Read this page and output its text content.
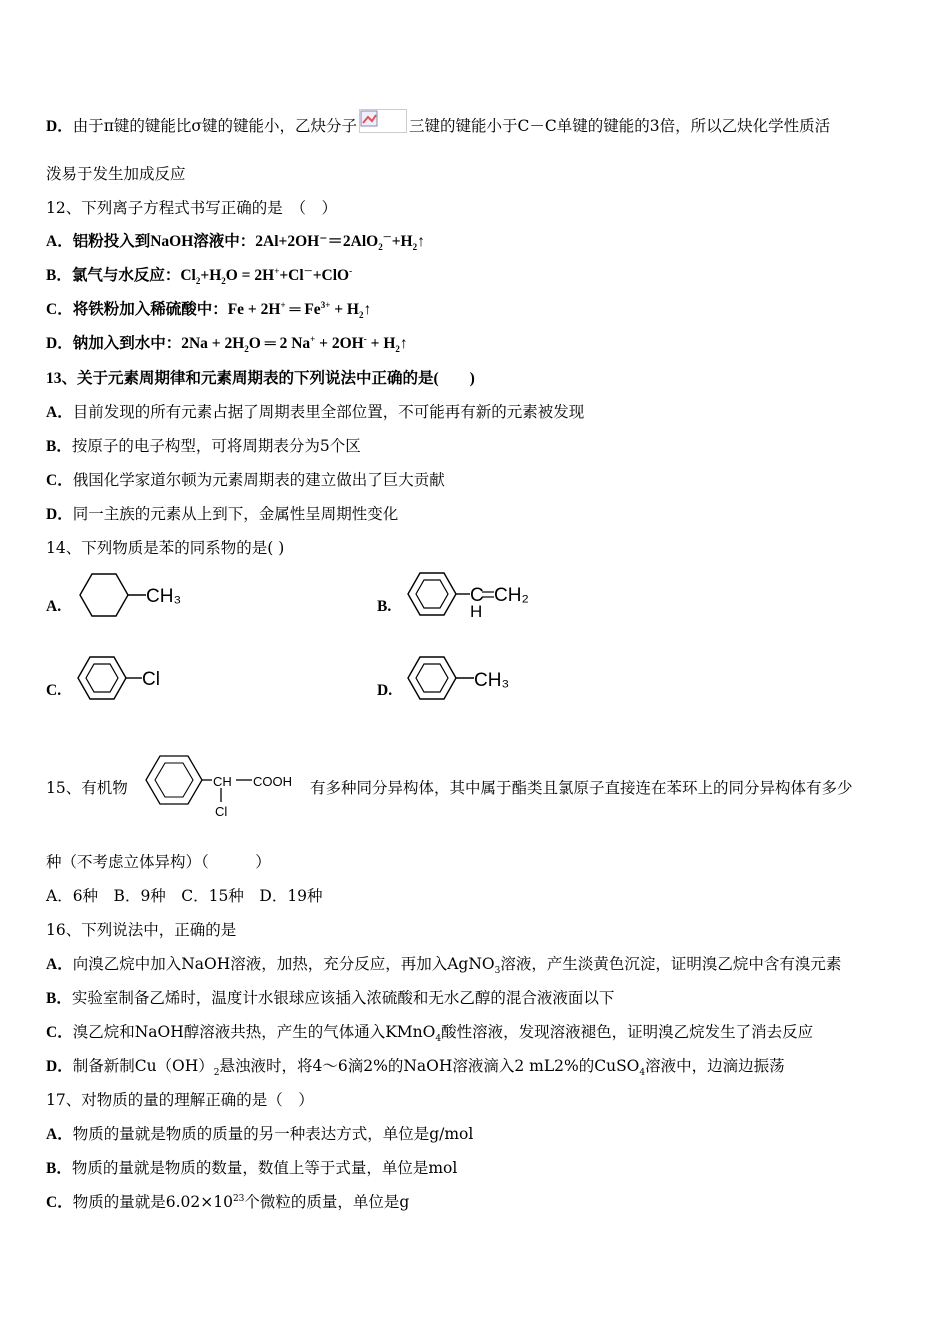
D．由于π键的键能比σ键的键能小，乙炔分子	三键的键能小于C－C单键的键能的3倍，所以乙炔化学性质活
泼易于发生加成反应
12、下列离子方程式书写正确的是　（　）
A．铝粉投入到NaOH溶液中：$2Al+2OH^-=2AlO_2^-+H_2↑$
B．氯气与水反应：$Cl_2+H_2O = 2H^++Cl^-+ClO^-$
C．将铁粉加入稀硫酸中：Fe + 2H+ ═ $Fe^{3+}$ + $H_2↑$
D．钠加入到水中：$2Na + 2H_2O$ ═ 2 $Na^+ + 2OH^- + H_2↑$
13、关于元素周期律和元素周期表的下列说法中正确的是(　　)
A．目前发现的所有元素占据了周期表里全部位置，不可能再有新的元素被发现
B．按原子的电子构型，可将周期表分为5个区
C．俄国化学家道尔顿为元素周期表的建立做出了巨大贡献
D．同一主族的元素从上到下，金属性呈周期性变化
14、下列物质是苯的同系物的是( )
A.	CH₃	B.
C CH₂
H
C.
Cl
D.	CH₃
15、有机物	CH COOH
Cl
有多种同分异构体，其中属于酯类且氯原子直接连在苯环上的同分异构体有多少
种（不考虑立体异构）（　　　）
A．6种　B．9种　C．15种　D．19种
16、下列说法中，正确的是
A．向溴乙烷中加入NaOH溶液，加热，充分反应，再加入AgNO$_3$溶液，产生淡黄色沉淀，证明溴乙烷中含有溴元素
B．实验室制备乙烯时，温度计水银球应该插入浓硫酸和无水乙醇的混合液液面以下
C．溴乙烷和NaOH醇溶液共热，产生的气体通入KMnO$_4$酸性溶液，发现溶液褪色，证明溴乙烷发生了消去反应
D．制备新制$Cu(OH)_2$悬浊液时，将4～6滴2%的NaOH溶液滴入2 mL2%的CuSO$_4$溶液中，边滴边振荡
17、对物质的量的理解正确的是（　）
A．物质的量就是物质的质量的另一种表达方式，单位是g/mol
B．物质的量就是物质的数量，数值上等于式量，单位是mol
C．物质的量就是$6.02\times 10^{23}$个微粒的质量，单位是g
